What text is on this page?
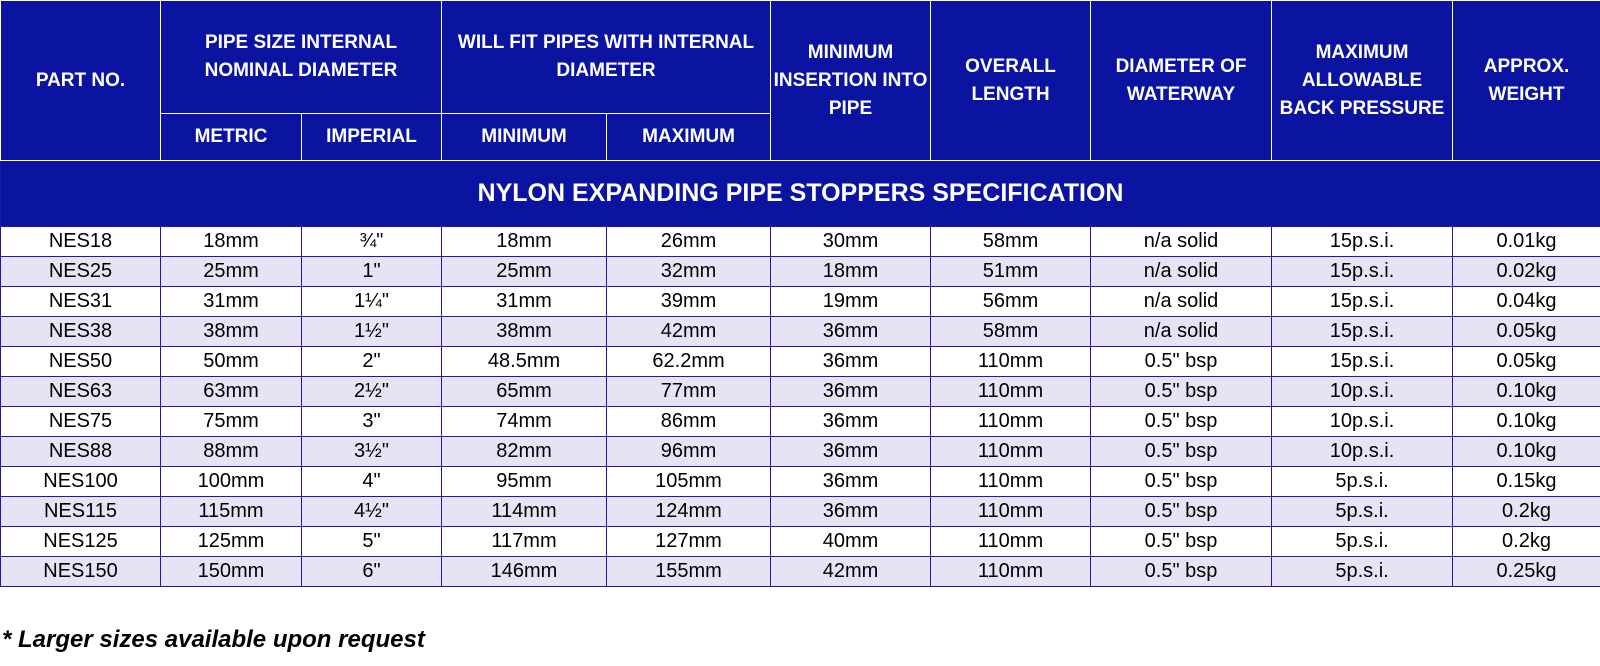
PART NO.	PIPE SIZE INTERNAL NOMINAL DIAMETER		WILL FIT PIPES WITH INTERNAL DIAMETER		MINIMUM INSERTION INTO PIPE	OVERALL LENGTH	DIAMETER OF WATERWAY	MAXIMUM ALLOWABLE BACK PRESSURE	APPROX. WEIGHT
	METRIC	IMPERIAL	MINIMUM	MAXIMUM					
NYLON EXPANDING PIPE STOPPERS SPECIFICATION									
NES18	18mm	¾"	18mm	26mm	30mm	58mm	n/a solid	15p.s.i.	0.01kg
NES25	25mm	1"	25mm	32mm	18mm	51mm	n/a solid	15p.s.i.	0.02kg
NES31	31mm	1¼"	31mm	39mm	19mm	56mm	n/a solid	15p.s.i.	0.04kg
NES38	38mm	1½"	38mm	42mm	36mm	58mm	n/a solid	15p.s.i.	0.05kg
NES50	50mm	2"	48.5mm	62.2mm	36mm	110mm	0.5" bsp	15p.s.i.	0.05kg
NES63	63mm	2½"	65mm	77mm	36mm	110mm	0.5" bsp	10p.s.i.	0.10kg
NES75	75mm	3"	74mm	86mm	36mm	110mm	0.5" bsp	10p.s.i.	0.10kg
NES88	88mm	3½"	82mm	96mm	36mm	110mm	0.5" bsp	10p.s.i.	0.10kg
NES100	100mm	4"	95mm	105mm	36mm	110mm	0.5" bsp	5p.s.i.	0.15kg
NES115	115mm	4½"	114mm	124mm	36mm	110mm	0.5" bsp	5p.s.i.	0.2kg
NES125	125mm	5"	117mm	127mm	40mm	110mm	0.5" bsp	5p.s.i.	0.2kg
NES150	150mm	6"	146mm	155mm	42mm	110mm	0.5" bsp	5p.s.i.	0.25kg
* Larger sizes available upon request
